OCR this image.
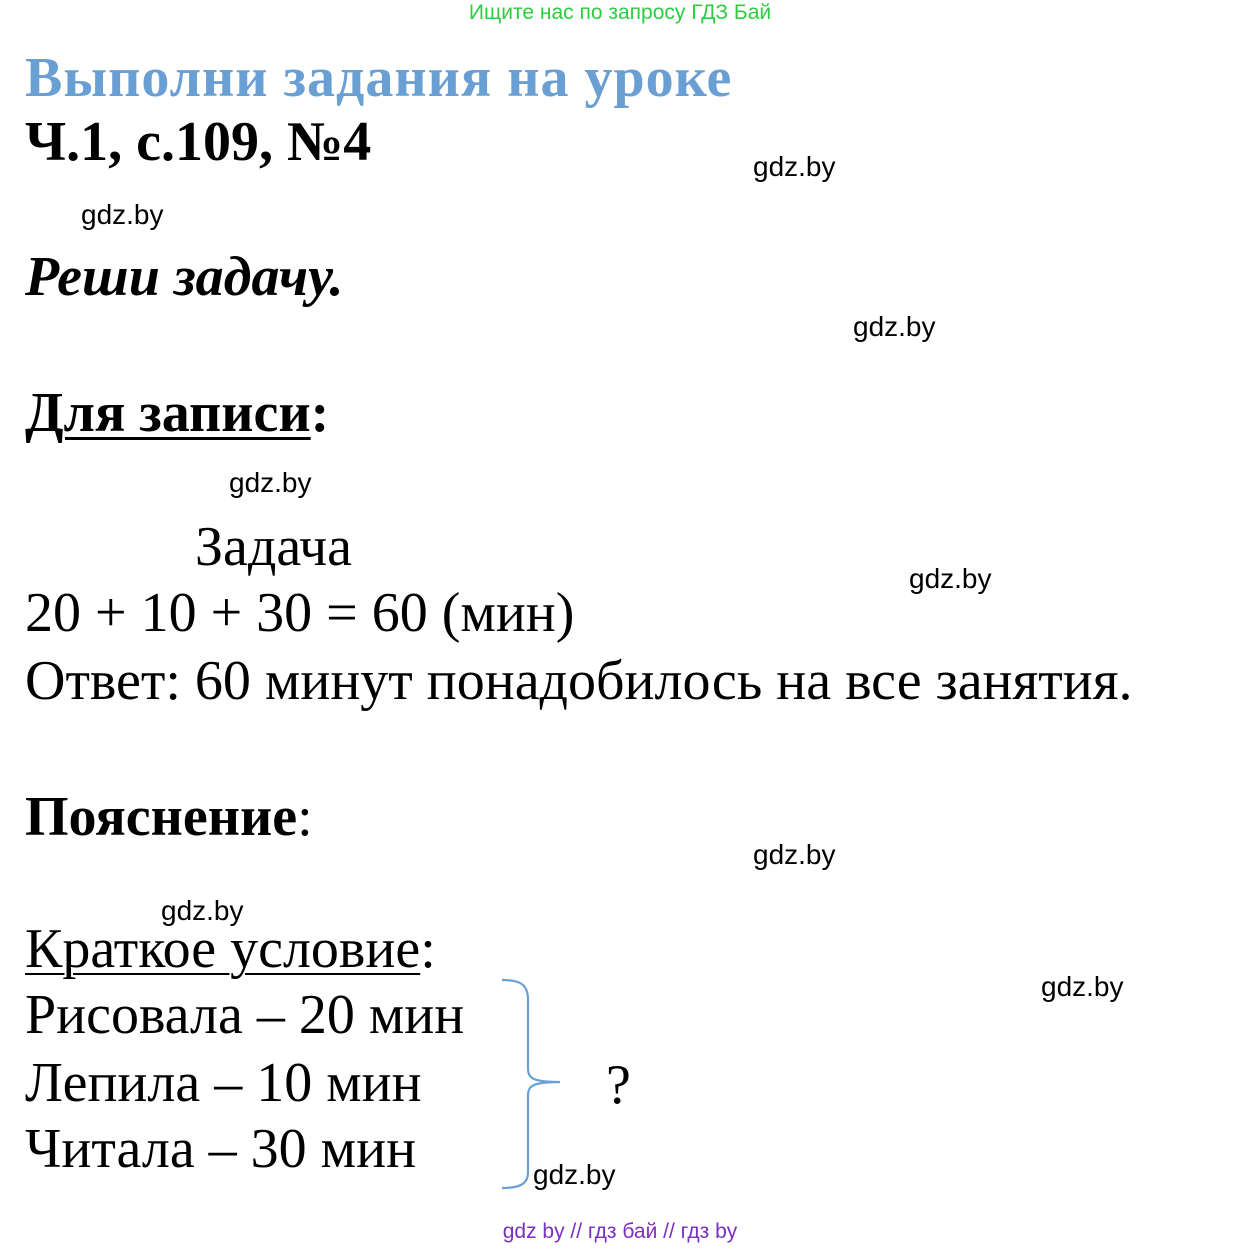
Ищите нас по запросу ГДЗ Бай
Выполни задания на уроке
Ч.1, с.109, №4
Реши задачу.
Для записи:
Задача
20 + 10 + 30 = 60 (мин)
Ответ: 60 минут понадобилось на все занятия.
Пояснение:
Краткое условие:
Рисовала – 20 мин
Лепила – 10 мин
Читала – 30 мин
?
gdz.by
gdz.by
gdz.by
gdz.by
gdz.by
gdz.by
gdz.by
gdz.by
gdz.by
gdz by // гдз бай // гдз by
